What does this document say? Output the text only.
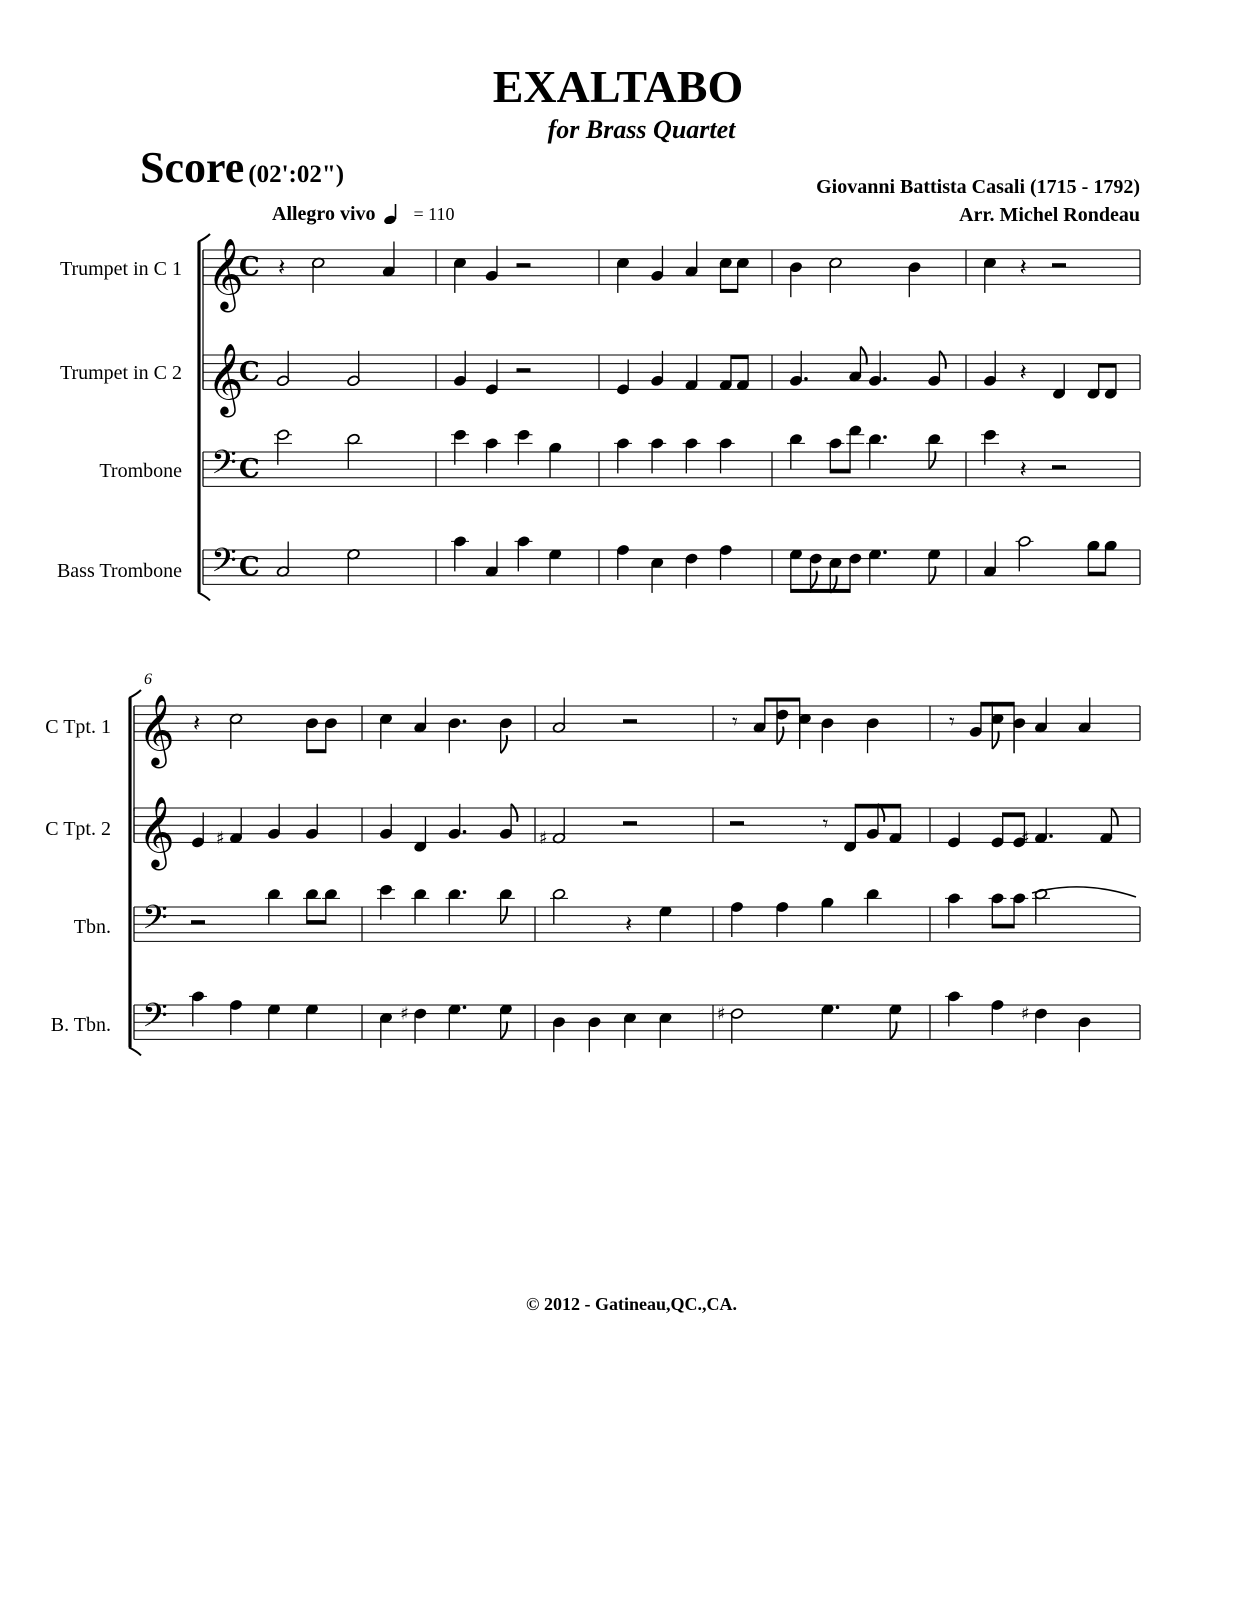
EXALTABO
for Brass Quartet
Score (02':02")	Giovanni Battista Casali (1715 - 1792)
Arr. Michel Rondeau
Allegro vivo = 110
Trumpet in C 1
Trumpet in C 2
Trombone
Bass Trombone
C Tpt. 1
C Tpt. 2
Tbn.
B. Tbn.
6
𝄞
C 𝄽	𝄽
𝄞
C	𝄽
𝄢 C	𝄽
𝄢 C
𝄞 𝄽	𝄾	𝄾
𝄞 ♯	♯
𝄾
♯
𝄢	𝄽
𝄢	♯	♯	♯
© 2012 - Gatineau,QC.,CA.
